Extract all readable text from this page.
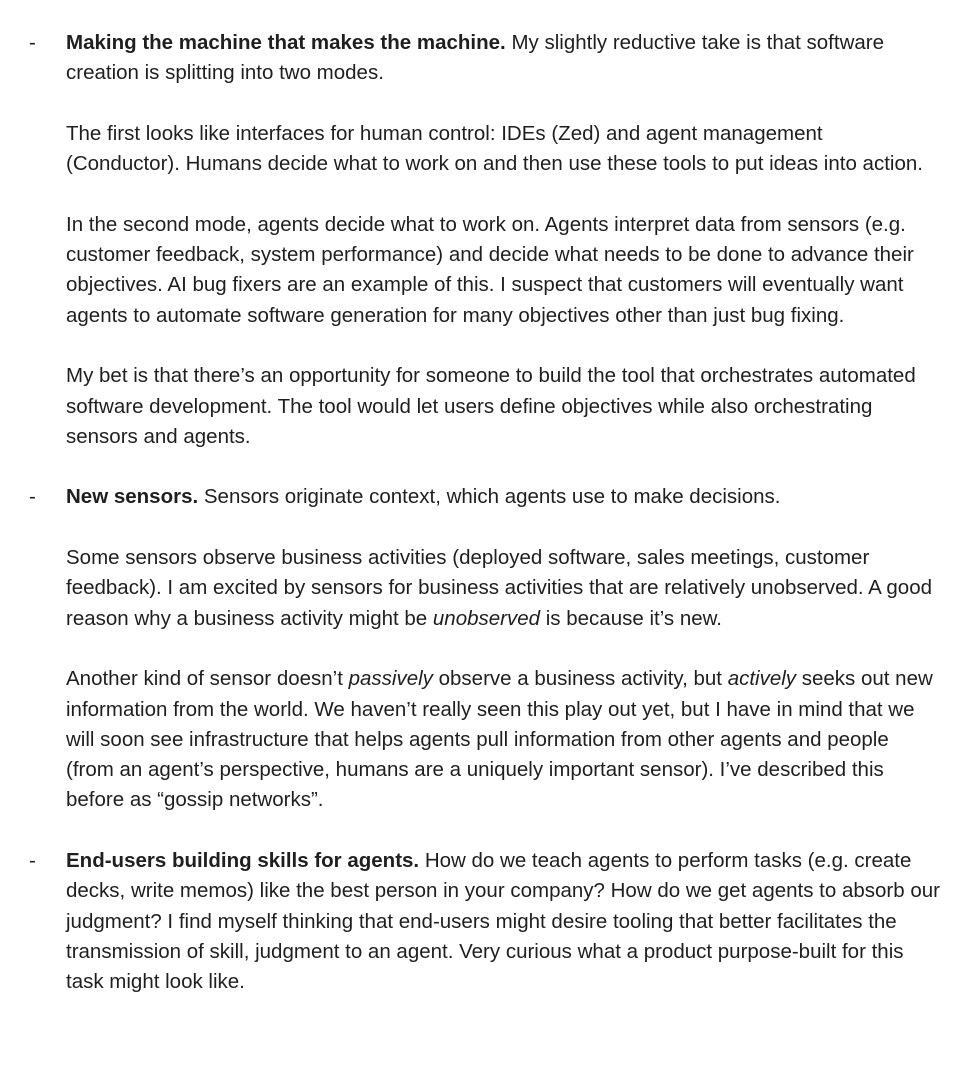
- Making the machine that makes the machine. My slightly reductive take is that software creation is splitting into two modes.

The first looks like interfaces for human control: IDEs (Zed) and agent management (Conductor). Humans decide what to work on and then use these tools to put ideas into action.

In the second mode, agents decide what to work on. Agents interpret data from sensors (e.g. customer feedback, system performance) and decide what needs to be done to advance their objectives. AI bug fixers are an example of this. I suspect that customers will eventually want agents to automate software generation for many objectives other than just bug fixing.

My bet is that there’s an opportunity for someone to build the tool that orchestrates automated software development. The tool would let users define objectives while also orchestrating sensors and agents.

- New sensors. Sensors originate context, which agents use to make decisions.

Some sensors observe business activities (deployed software, sales meetings, customer feedback). I am excited by sensors for business activities that are relatively unobserved. A good reason why a business activity might be unobserved is because it’s new.

Another kind of sensor doesn’t passively observe a business activity, but actively seeks out new information from the world. We haven’t really seen this play out yet, but I have in mind that we will soon see infrastructure that helps agents pull information from other agents and people (from an agent’s perspective, humans are a uniquely important sensor). I’ve described this before as “gossip networks”.

- End-users building skills for agents. How do we teach agents to perform tasks (e.g. create decks, write memos) like the best person in your company? How do we get agents to absorb our judgment? I find myself thinking that end-users might desire tooling that better facilitates the transmission of skill, judgment to an agent. Very curious what a product purpose-built for this task might look like.
